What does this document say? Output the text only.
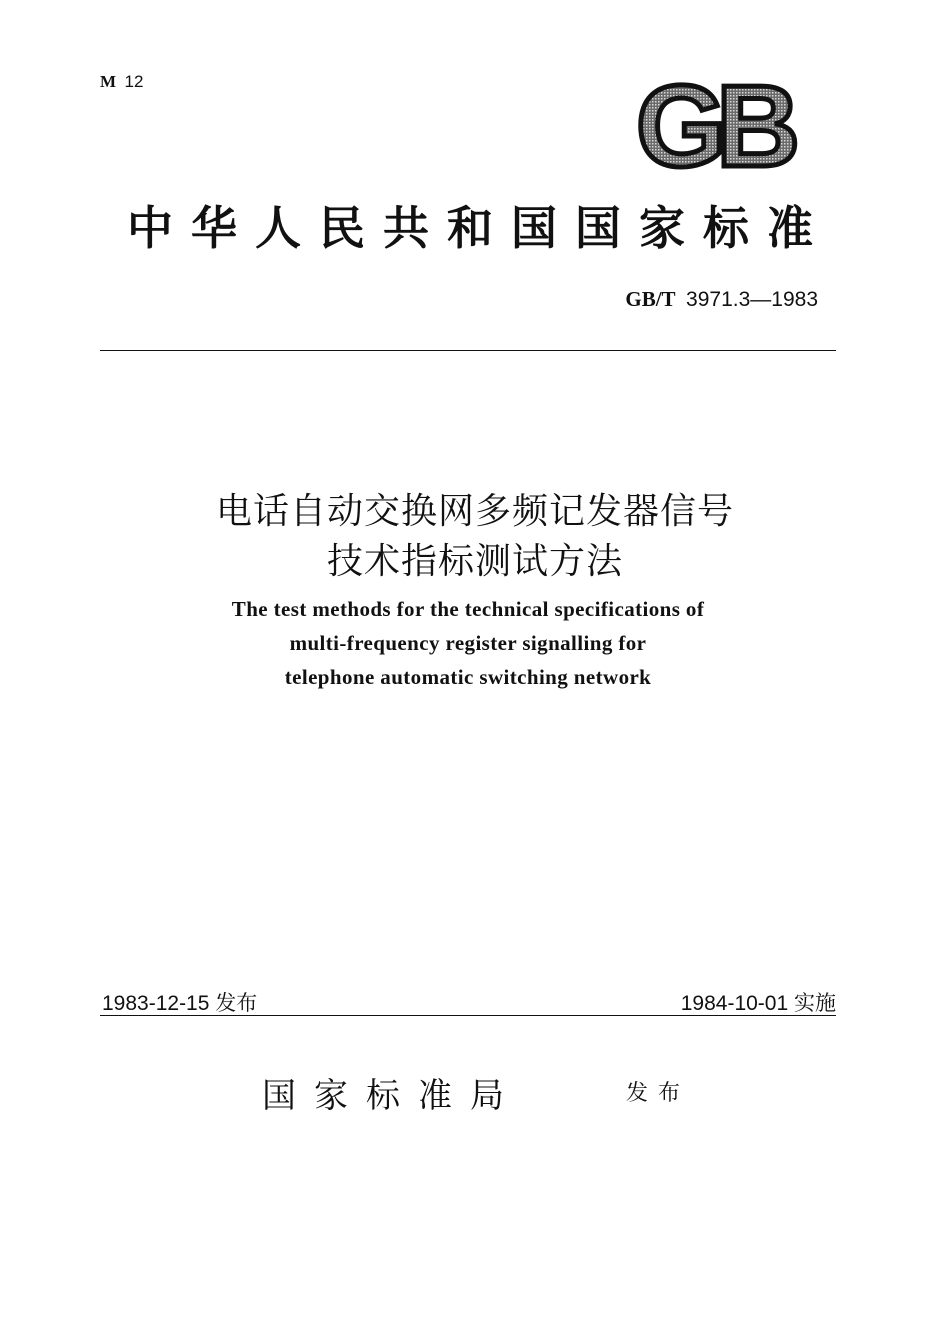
M 12	GB
中 华 人 民 共 和 国 国 家 标 准
GB/T 3971.3—1983
电话自动交换网多频记发器信号
技术指标测试方法
The test methods for the technical specifications of
multi-frequency register signalling for
telephone automatic switching network
1983-12-15 发布	1984-10-01 实施
国家标准局	发布
